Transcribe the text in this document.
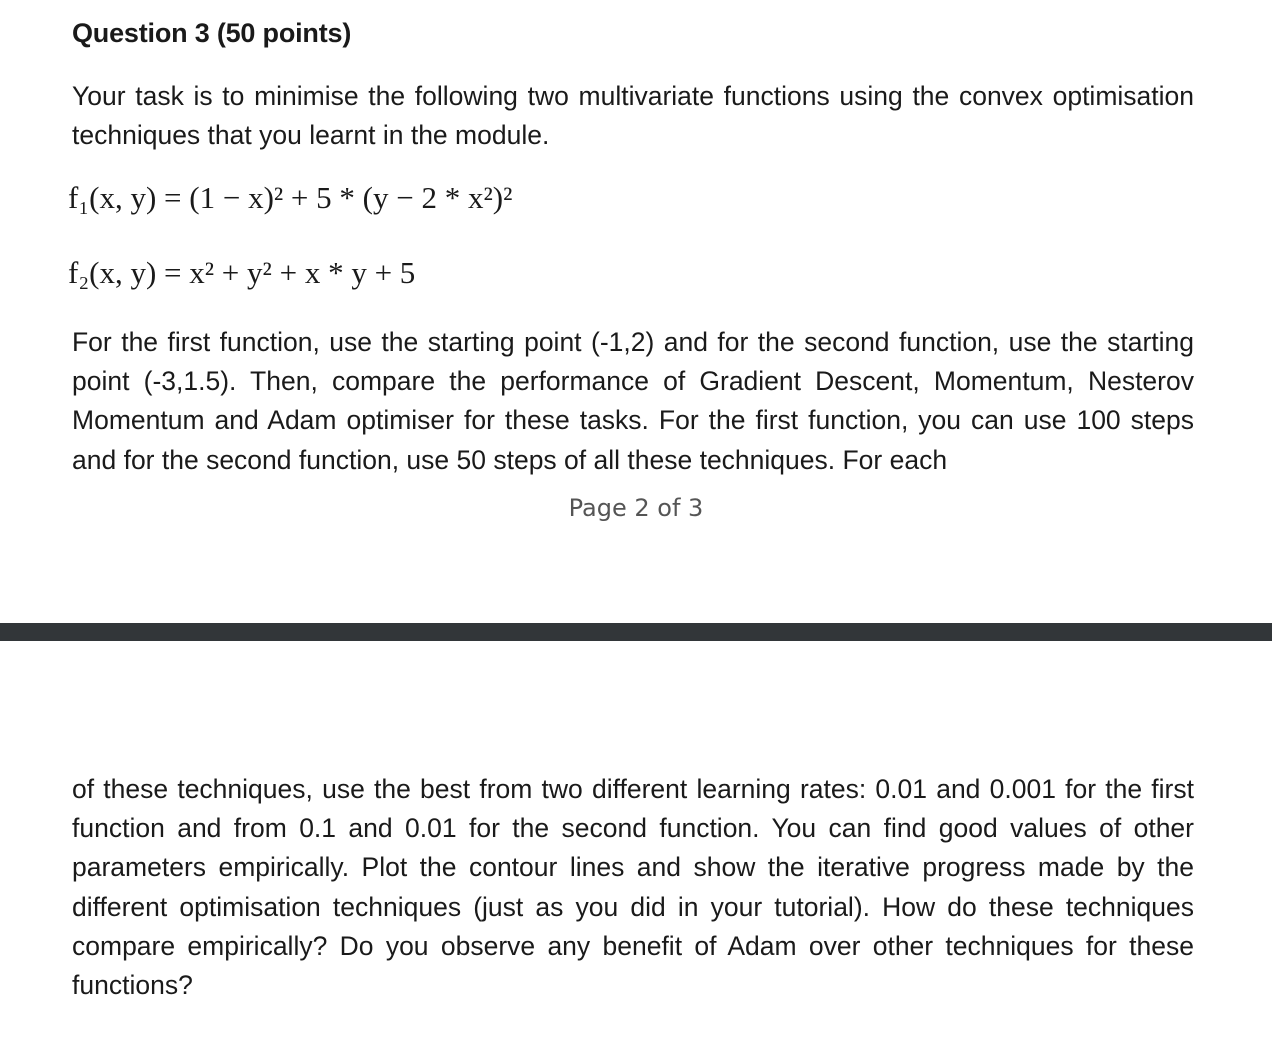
Question 3 (50 points)

Your task is to minimise the following two multivariate functions using the convex optimisation techniques that you learnt in the module.

f₁(x, y) = (1 − x)² + 5 * (y − 2 * x²)²

f₂(x, y) = x² + y² + x * y + 5

For the first function, use the starting point (-1,2) and for the second function, use the starting point (-3,1.5). Then, compare the performance of Gradient Descent, Momentum, Nesterov Momentum and Adam optimiser for these tasks. For the first function, you can use 100 steps and for the second function, use 50 steps of all these techniques. For each

Page 2 of 3

of these techniques, use the best from two different learning rates: 0.01 and 0.001 for the first function and from 0.1 and 0.01 for the second function. You can find good values of other parameters empirically. Plot the contour lines and show the iterative progress made by the different optimisation techniques (just as you did in your tutorial). How do these techniques compare empirically? Do you observe any benefit of Adam over other techniques for these functions?
